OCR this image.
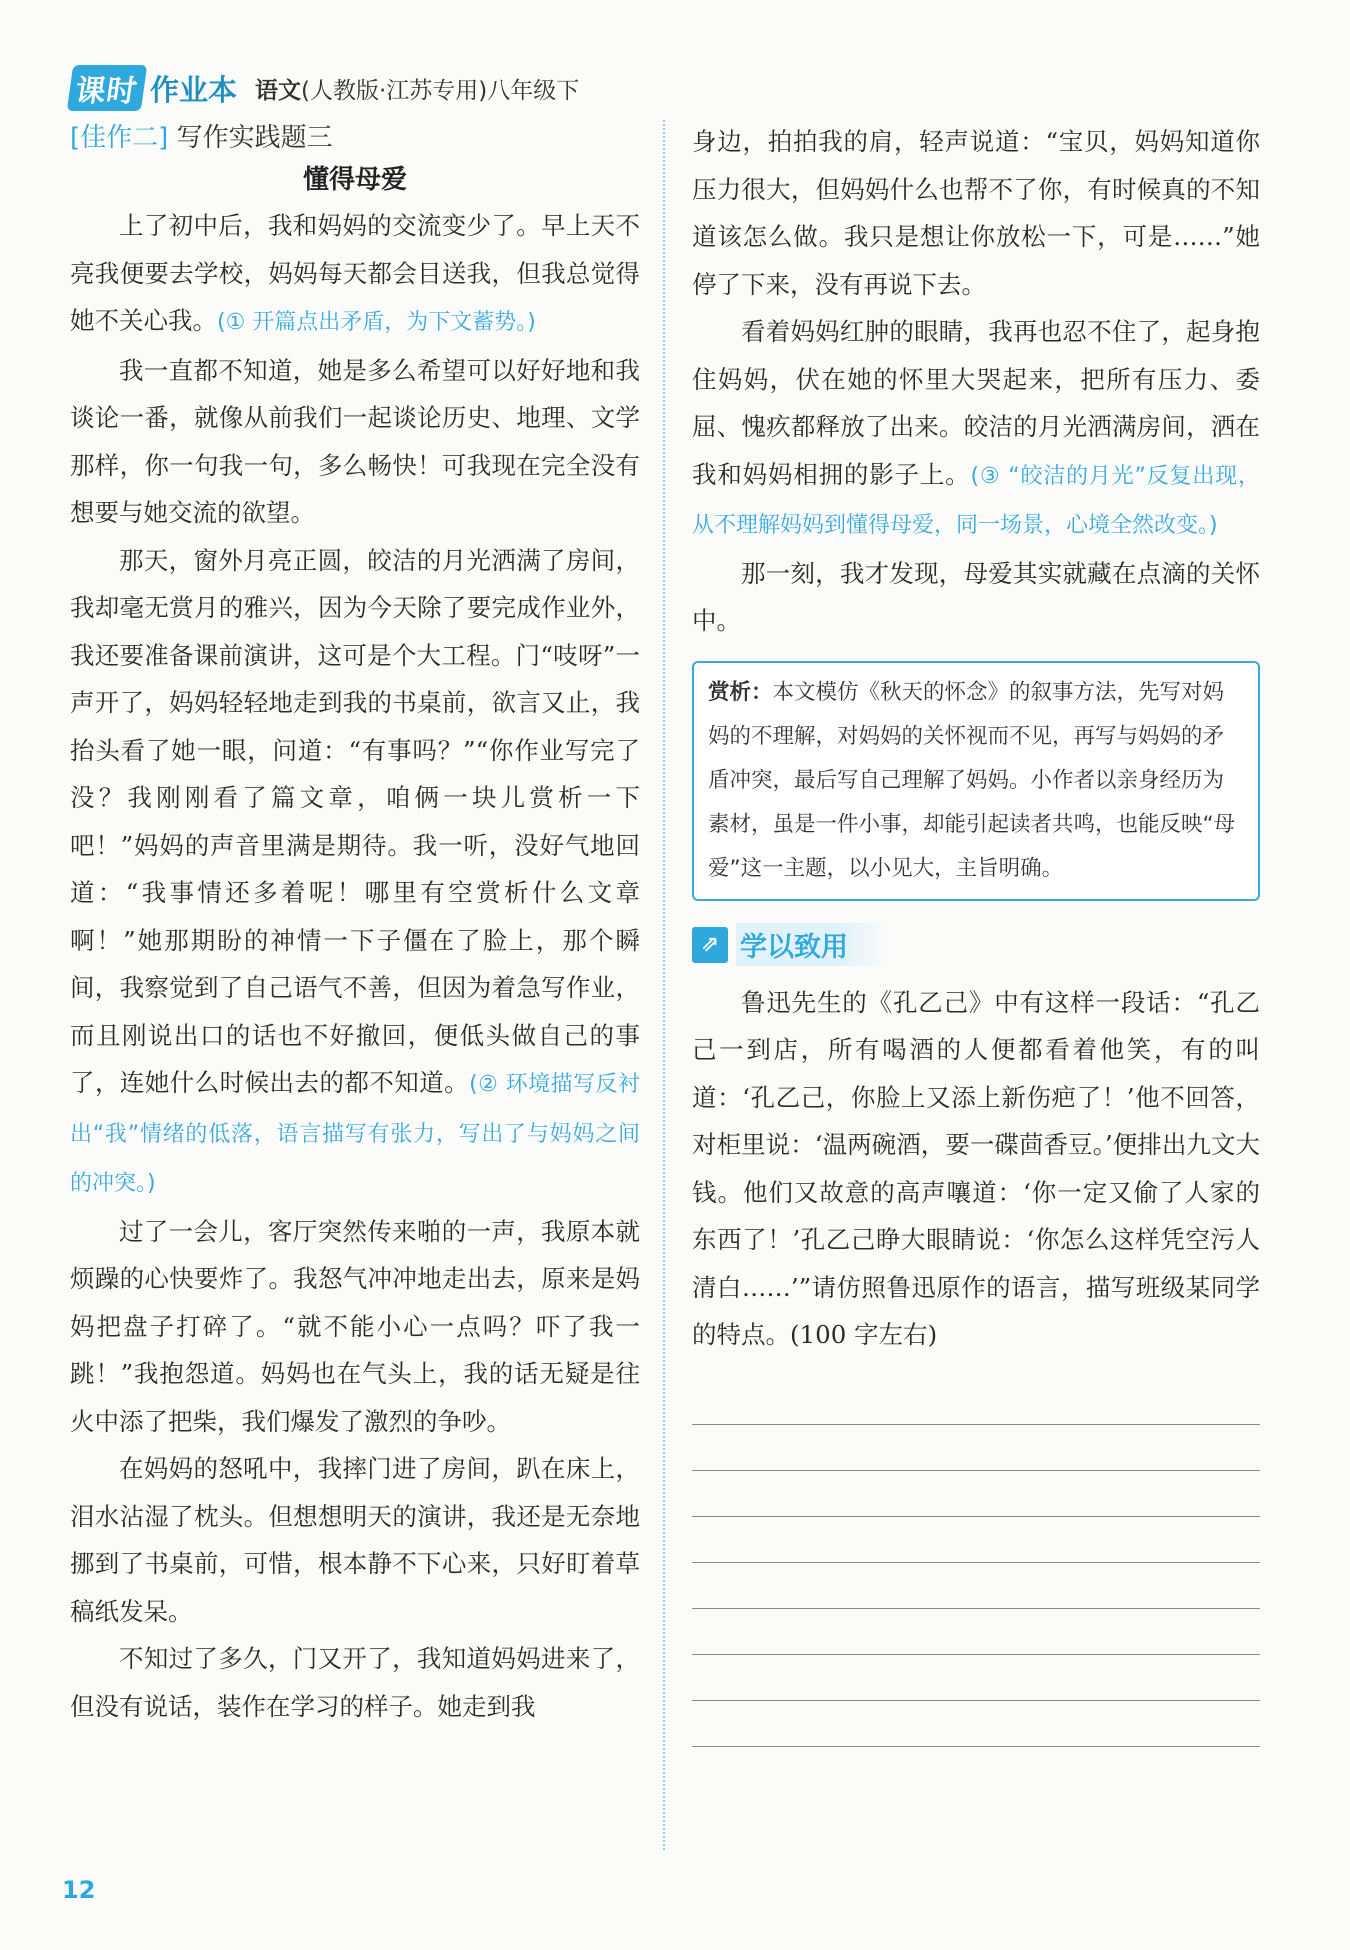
课时 作业本 语文(人教版·江苏专用)八年级下
[佳作二] 写作实践题三
懂得母爱

上了初中后，我和妈妈的交流变少了。早上天不亮我便要去学校，妈妈每天都会目送我，但我总觉得她不关心我。(① 开篇点出矛盾，为下文蓄势。)

我一直都不知道，她是多么希望可以好好地和我谈论一番，就像从前我们一起谈论历史、地理、文学那样，你一句我一句，多么畅快！可我现在完全没有想要与她交流的欲望。

那天，窗外月亮正圆，皎洁的月光洒满了房间，我却毫无赏月的雅兴，因为今天除了要完成作业外，我还要准备课前演讲，这可是个大工程。门“吱呀”一声开了，妈妈轻轻地走到我的书桌前，欲言又止，我抬头看了她一眼，问道：“有事吗？”“你作业写完了没？我刚刚看了篇文章，咱俩一块儿赏析一下吧！”妈妈的声音里满是期待。我一听，没好气地回道：“我事情还多着呢！哪里有空赏析什么文章啊！”她那期盼的神情一下子僵在了脸上，那个瞬间，我察觉到了自己语气不善，但因为着急写作业，而且刚说出口的话也不好撤回，便低头做自己的事了，连她什么时候出去的都不知道。(② 环境描写反衬出“我”情绪的低落，语言描写有张力，写出了与妈妈之间的冲突。)

过了一会儿，客厅突然传来啪的一声，我原本就烦躁的心快要炸了。我怒气冲冲地走出去，原来是妈妈把盘子打碎了。“就不能小心一点吗？吓了我一跳！”我抱怨道。妈妈也在气头上，我的话无疑是往火中添了把柴，我们爆发了激烈的争吵。

在妈妈的怒吼中，我摔门进了房间，趴在床上，泪水沾湿了枕头。但想想明天的演讲，我还是无奈地挪到了书桌前，可惜，根本静不下心来，只好盯着草稿纸发呆。

不知过了多久，门又开了，我知道妈妈进来了，但没有说话，装作在学习的样子。她走到我

身边，拍拍我的肩，轻声说道：“宝贝，妈妈知道你压力很大，但妈妈什么也帮不了你，有时候真的不知道该怎么做。我只是想让你放松一下，可是……”她停了下来，没有再说下去。

看着妈妈红肿的眼睛，我再也忍不住了，起身抱住妈妈，伏在她的怀里大哭起来，把所有压力、委屈、愧疚都释放了出来。皎洁的月光洒满房间，洒在我和妈妈相拥的影子上。(③ “皎洁的月光”反复出现，从不理解妈妈到懂得母爱，同一场景，心境全然改变。)

那一刻，我才发现，母爱其实就藏在点滴的关怀中。

赏析：本文模仿《秋天的怀念》的叙事方法，先写对妈妈的不理解，对妈妈的关怀视而不见，再写与妈妈的矛盾冲突，最后写自己理解了妈妈。小作者以亲身经历为素材，虽是一件小事，却能引起读者共鸣，也能反映“母爱”这一主题，以小见大，主旨明确。
⇗ 学以致用
鲁迅先生的《孔乙己》中有这样一段话：“孔乙己一到店，所有喝酒的人便都看着他笑，有的叫道：‘孔乙己，你脸上又添上新伤疤了！’他不回答，对柜里说：‘温两碗酒，要一碟茴香豆。’便排出九文大钱。他们又故意的高声嚷道：‘你一定又偷了人家的东西了！’孔乙己睁大眼睛说：‘你怎么这样凭空污人清白……’”请仿照鲁迅原作的语言，描写班级某同学的特点。(100 字左右)
12
